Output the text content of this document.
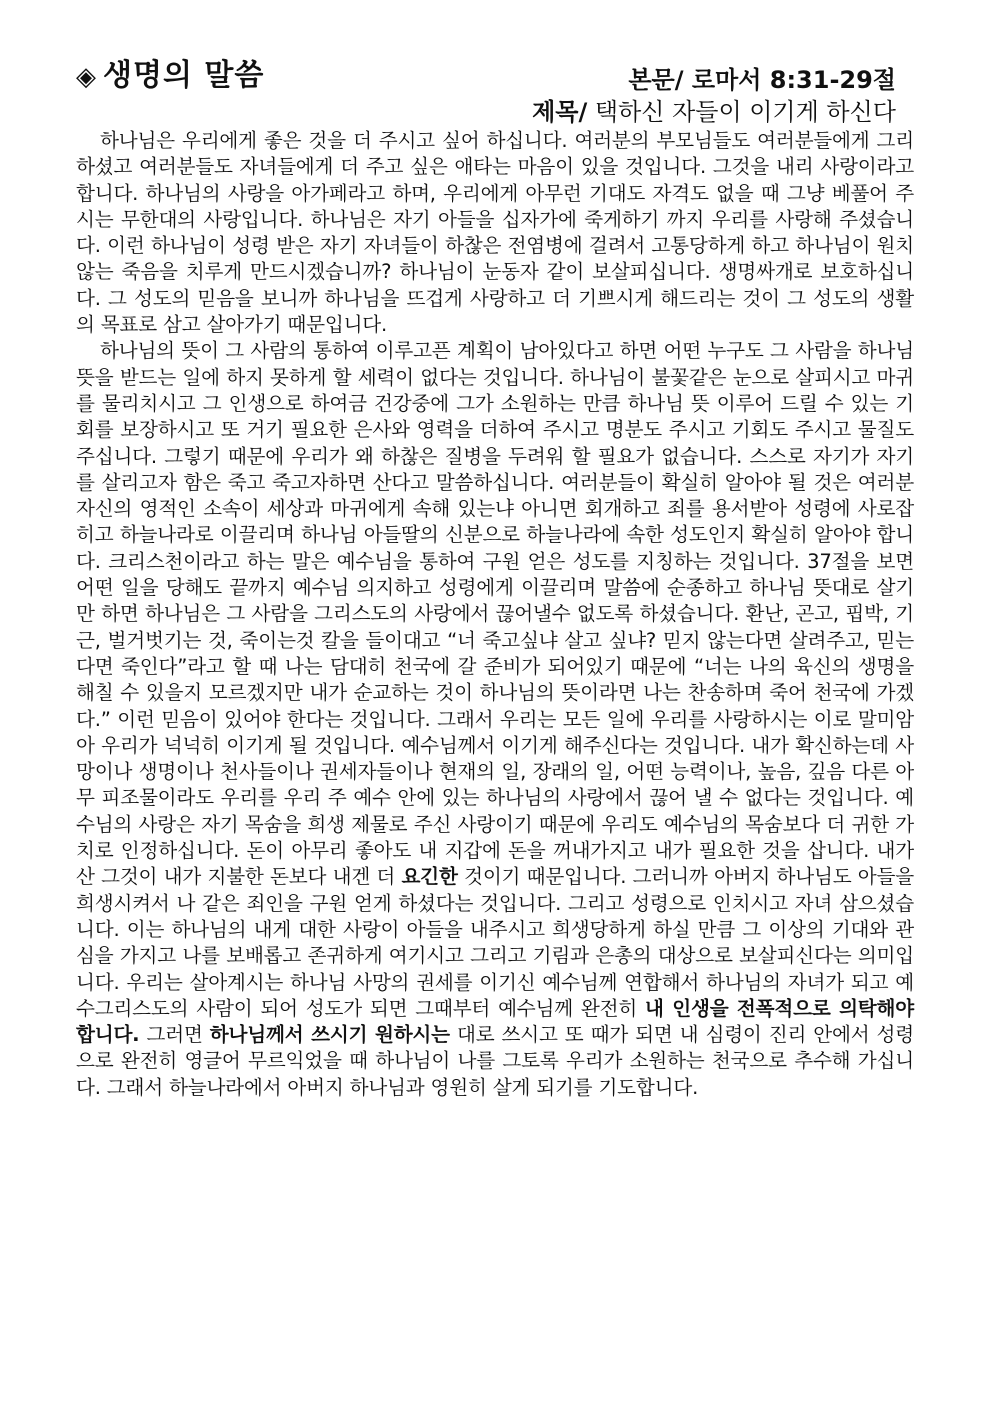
◈ 생명의 말씀	본문/ 로마서 8:31-29절
제목/ 택하신 자들이 이기게 하신다

하나님은 우리에게 좋은 것을 더 주시고 싶어 하십니다. 여러분의 부모님들도 여러분들에게 그리하셨고 여러분들도 자녀들에게 더 주고 싶은 애타는 마음이 있을 것입니다. 그것을 내리 사랑이라고 합니다. 하나님의 사랑을 아가페라고 하며, 우리에게 아무런 기대도 자격도 없을 때 그냥 베풀어 주시는 무한대의 사랑입니다. 하나님은 자기 아들을 십자가에 죽게하기 까지 우리를 사랑해 주셨습니다. 이런 하나님이 성령 받은 자기 자녀들이 하찮은 전염병에 걸려서 고통당하게 하고 하나님이 원치 않는 죽음을 치루게 만드시겠습니까? 하나님이 눈동자 같이 보살피십니다. 생명싸개로 보호하십니다. 그 성도의 믿음을 보니까 하나님을 뜨겁게 사랑하고 더 기쁘시게 해드리는 것이 그 성도의 생활의 목표로 삼고 살아가기 때문입니다.

하나님의 뜻이 그 사람의 통하여 이루고픈 계획이 남아있다고 하면 어떤 누구도 그 사람을 하나님 뜻을 받드는 일에 하지 못하게 할 세력이 없다는 것입니다. 하나님이 불꽃같은 눈으로 살피시고 마귀를 물리치시고 그 인생으로 하여금 건강중에 그가 소원하는 만큼 하나님 뜻 이루어 드릴 수 있는 기회를 보장하시고 또 거기 필요한 은사와 영력을 더하여 주시고 명분도 주시고 기회도 주시고 물질도 주십니다. 그렇기 때문에 우리가 왜 하찮은 질병을 두려워 할 필요가 없습니다. 스스로 자기가 자기를 살리고자 함은 죽고 죽고자하면 산다고 말씀하십니다. 여러분들이 확실히 알아야 될 것은 여러분 자신의 영적인 소속이 세상과 마귀에게 속해 있는냐 아니면 회개하고 죄를 용서받아 성령에 사로잡히고 하늘나라로 이끌리며 하나님 아들딸의 신분으로 하늘나라에 속한 성도인지 확실히 알아야 합니다. 크리스천이라고 하는 말은 예수님을 통하여 구원 얻은 성도를 지칭하는 것입니다. 37절을 보면 어떤 일을 당해도 끝까지 예수님 의지하고 성령에게 이끌리며 말씀에 순종하고 하나님 뜻대로 살기만 하면 하나님은 그 사람을 그리스도의 사랑에서 끊어낼수 없도록 하셨습니다. 환난, 곤고, 핍박, 기근, 벌거벗기는 것, 죽이는것 칼을 들이대고 “너 죽고싶냐 살고 싶냐? 믿지 않는다면 살려주고, 믿는다면 죽인다”라고 할 때 나는 담대히 천국에 갈 준비가 되어있기 때문에 “너는 나의 육신의 생명을 해칠 수 있을지 모르겠지만 내가 순교하는 것이 하나님의 뜻이라면 나는 찬송하며 죽어 천국에 가겠다.” 이런 믿음이 있어야 한다는 것입니다. 그래서 우리는 모든 일에 우리를 사랑하시는 이로 말미암아 우리가 넉넉히 이기게 될 것입니다. 예수님께서 이기게 해주신다는 것입니다. 내가 확신하는데 사망이나 생명이나 천사들이나 권세자들이나 현재의 일, 장래의 일, 어떤 능력이나, 높음, 깊음 다른 아무 피조물이라도 우리를 우리 주 예수 안에 있는 하나님의 사랑에서 끊어 낼 수 없다는 것입니다. 예수님의 사랑은 자기 목숨을 희생 제물로 주신 사랑이기 때문에 우리도 예수님의 목숨보다 더 귀한 가치로 인정하십니다. 돈이 아무리 좋아도 내 지갑에 돈을 꺼내가지고 내가 필요한 것을 삽니다. 내가 산 그것이 내가 지불한 돈보다 내겐 더 요긴한 것이기 때문입니다. 그러니까 아버지 하나님도 아들을 희생시켜서 나 같은 죄인을 구원 얻게 하셨다는 것입니다. 그리고 성령으로 인치시고 자녀 삼으셨습니다. 이는 하나님의 내게 대한 사랑이 아들을 내주시고 희생당하게 하실 만큼 그 이상의 기대와 관심을 가지고 나를 보배롭고 존귀하게 여기시고 그리고 기림과 은총의 대상으로 보살피신다는 의미입니다. 우리는 살아계시는 하나님 사망의 권세를 이기신 예수님께 연합해서 하나님의 자녀가 되고 예수그리스도의 사람이 되어 성도가 되면 그때부터 예수님께 완전히 내 인생을 전폭적으로 의탁해야 합니다. 그러면 하나님께서 쓰시기 원하시는 대로 쓰시고 또 때가 되면 내 심령이 진리 안에서 성령으로 완전히 영글어 무르익었을 때 하나님이 나를 그토록 우리가 소원하는 천국으로 추수해 가십니다. 그래서 하늘나라에서 아버지 하나님과 영원히 살게 되기를 기도합니다.
